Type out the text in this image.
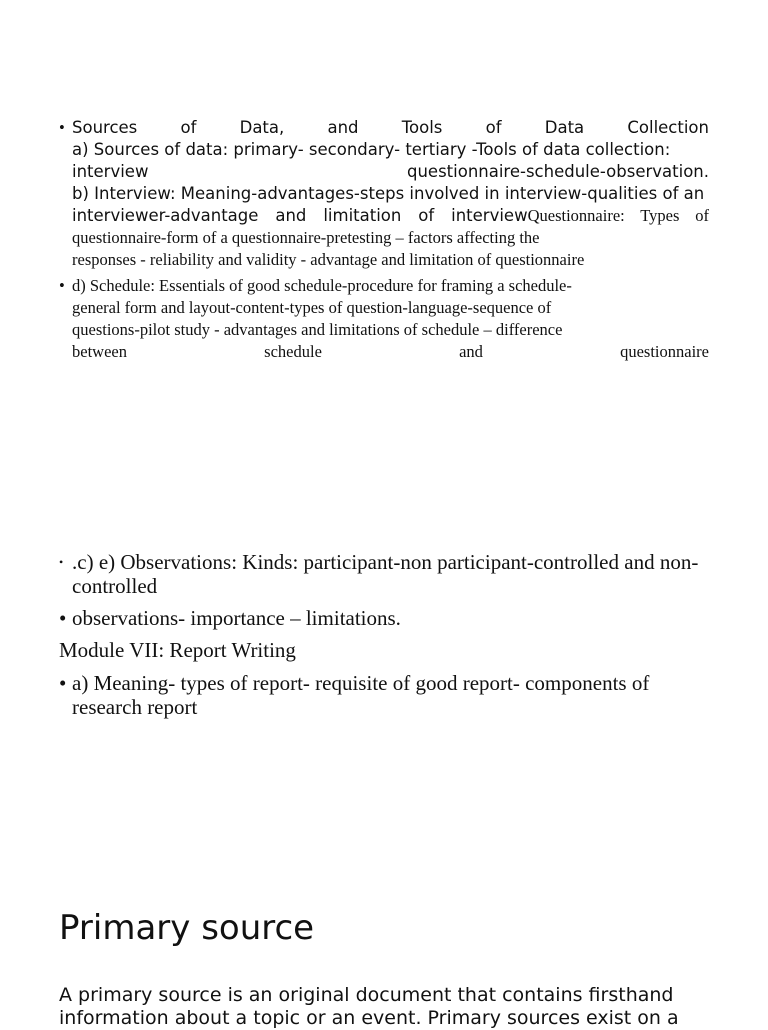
• Sources of Data, and Tools of Data Collection
a) Sources of data: primary- secondary- tertiary -Tools of data collection:
interview questionnaire-schedule-observation.
b) Interview: Meaning-advantages-steps involved in interview-qualities of an
interviewer-advantage and limitation of interviewQuestionnaire: Types of
questionnaire-form of a questionnaire-pretesting – factors affecting the
responses - reliability and validity - advantage and limitation of questionnaire
• d) Schedule: Essentials of good schedule-procedure for framing a schedule-
general form and layout-content-types of question-language-sequence of
questions-pilot study - advantages and limitations of schedule – difference
between schedule and questionnaire
• .c) e) Observations: Kinds: participant-non participant-controlled and non-controlled
• observations- importance – limitations.
Module VII: Report Writing
• a) Meaning- types of report- requisite of good report- components of research report
Primary source

A primary source is an original document that contains firsthand information about a topic or an event. Primary sources exist on a
